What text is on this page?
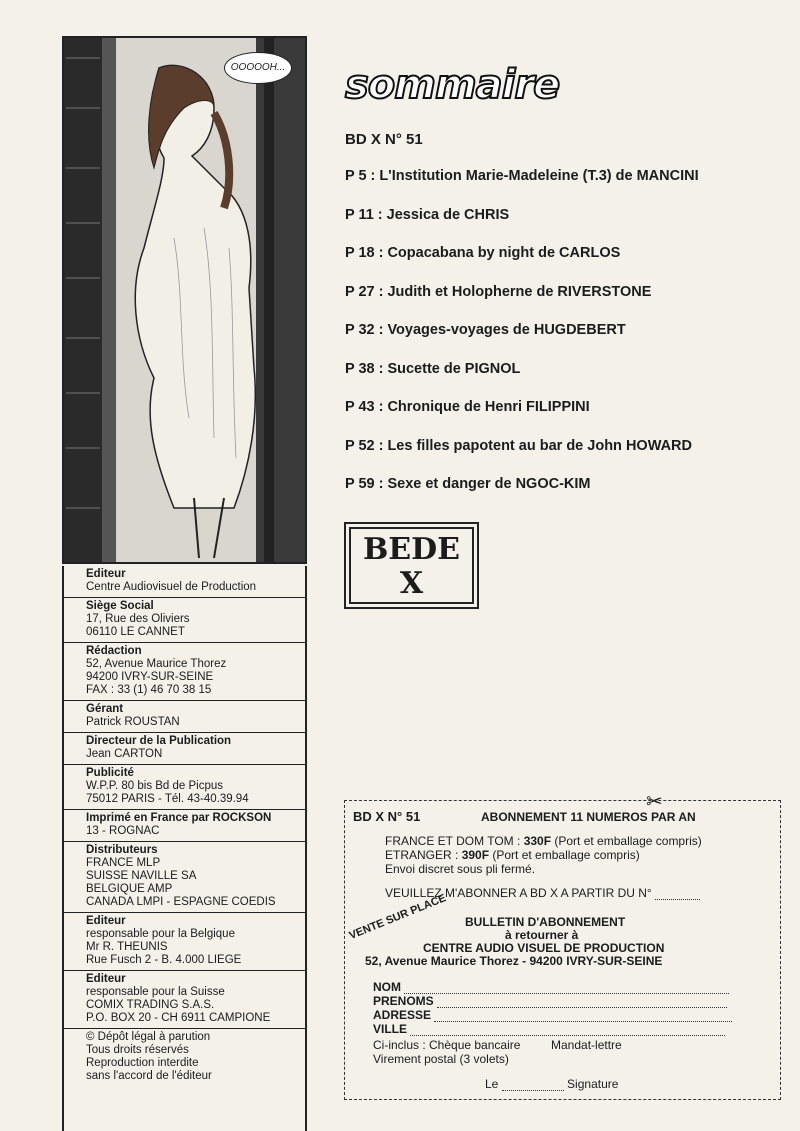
OOOOOH...
Editeur
Centre Audiovisuel de Production
Siège Social
17, Rue des Oliviers
06110 LE CANNET
Rédaction
52, Avenue Maurice Thorez
94200 IVRY-SUR-SEINE
FAX : 33 (1) 46 70 38 15
Gérant
Patrick ROUSTAN
Directeur de la Publication
Jean CARTON
Publicité
W.P.P. 80 bis Bd de Picpus
75012 PARIS - Tél. 43-40.39.94
Imprimé en France par ROCKSON
13 - ROGNAC
Distributeurs
FRANCE MLP
SUISSE NAVILLE SA
BELGIQUE AMP
CANADA LMPI - ESPAGNE COEDIS
Editeur
responsable pour la Belgique
Mr R. THEUNIS
Rue Fusch 2 - B. 4.000 LIEGE
Editeur
responsable pour la Suisse
COMIX TRADING S.A.S.
P.O. BOX 20 - CH 6911 CAMPIONE
© Dépôt légal à parution
Tous droits réservés
Reproduction interdite
sans l'accord de l'éditeur
sommaire
BD X N° 51
P 5 : L'Institution Marie-Madeleine (T.3) de MANCINI
P 11 : Jessica de CHRIS
P 18 : Copacabana by night de CARLOS
P 27 : Judith et Holopherne de RIVERSTONE
P 32 : Voyages-voyages de HUGDEBERT
P 38 : Sucette de PIGNOL
P 43 : Chronique de Henri FILIPPINI
P 52 : Les filles papotent au bar de John HOWARD
P 59 : Sexe et danger de NGOC-KIM
BEDE
X
✂
BD X N° 51	ABONNEMENT 11 NUMEROS PAR AN
FRANCE ET DOM TOM : 330F (Port et emballage compris)
ETRANGER : 390F (Port et emballage compris)
Envoi discret sous pli fermé.
VEUILLEZ M'ABONNER A BD X A PARTIR DU N°
BULLETIN D'ABONNEMENT
à retourner à
CENTRE AUDIO VISUEL DE PRODUCTION
52, Avenue Maurice Thorez - 94200 IVRY-SUR-SEINE
NOM
PRENOMS
ADRESSE
VILLE
Ci-inclus : Chèque bancaire	Mandat-lettre
Virement postal (3 volets)
Le	Signature
VENTE SUR PLACE
